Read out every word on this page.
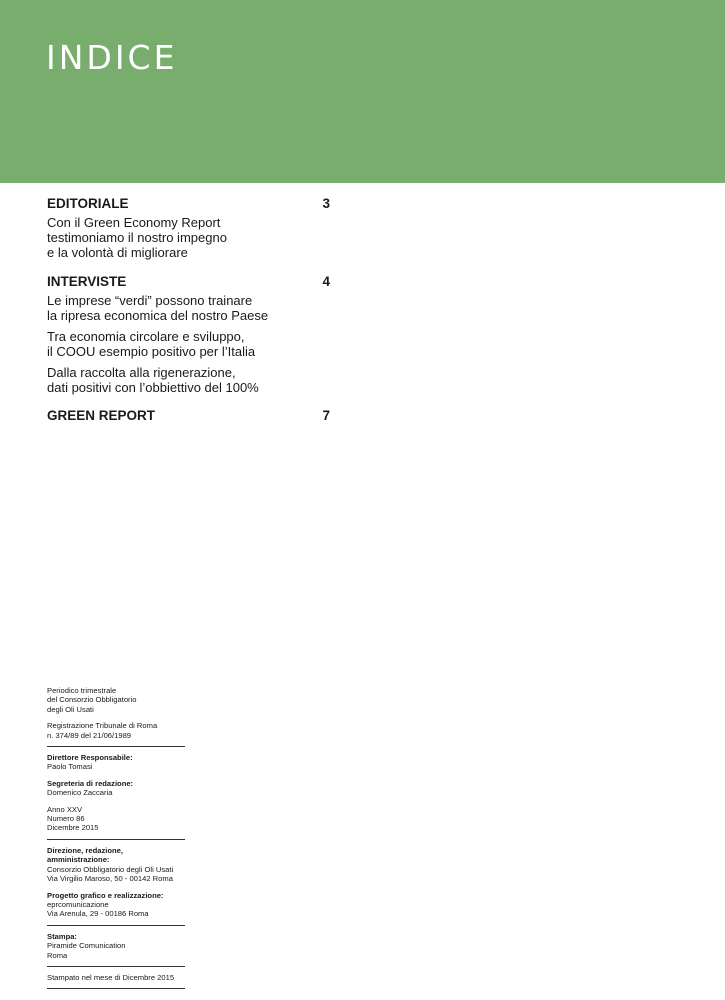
INDICE
EDITORIALE	3
Con il Green Economy Report
testimoniamo il nostro impegno
e la volontà di migliorare
INTERVISTE	4
Le imprese “verdi” possono trainare
la ripresa economica del nostro Paese
Tra economia circolare e sviluppo,
il COOU esempio positivo per l’Italia
Dalla raccolta alla rigenerazione,
dati positivi con l’obbiettivo del 100%
GREEN REPORT	7
Periodico trimestrale
del Consorzio Obbligatorio
degli Oli Usati
Registrazione Tribunale di Roma
n. 374/89 del 21/06/1989
Direttore Responsabile:
Paolo Tomasi
Segreteria di redazione:
Domenico Zaccaria
Anno XXV
Numero 86
Dicembre 2015
Direzione, redazione, amministrazione:
Consorzio Obbligatorio degli Oli Usati
Via Virgilio Maroso, 50 - 00142 Roma
Progetto grafico e realizzazione:
eprcomunicazione
Via Arenula, 29 - 00186 Roma
Stampa:
Piramide Comunication
Roma
Stampato nel mese di Dicembre 2015
